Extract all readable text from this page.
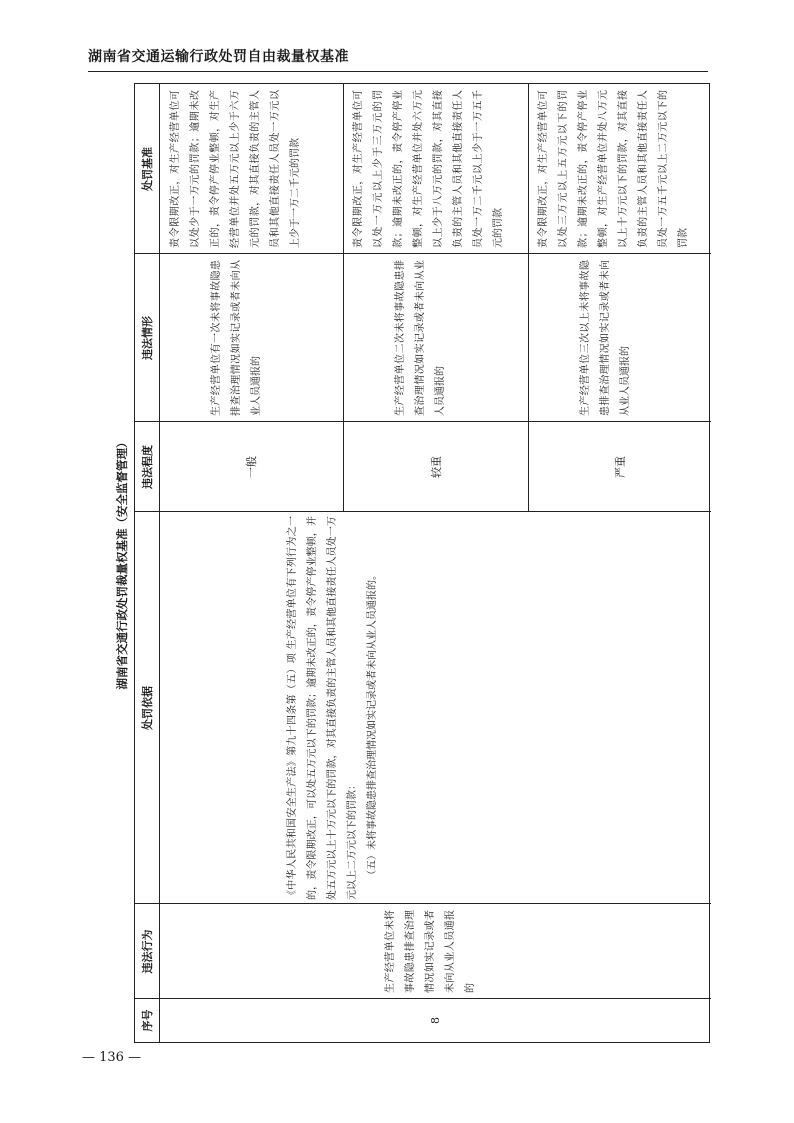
湖南省交通运输行政处罚自由裁量权基准
湖南省交通行政处罚裁量权基准（安全监督管理）
序号
违法行为
处罚依据
违法程度
违法情形
处罚基准
8

生产经营单位未将事故隐患排查治理情况如实记录或者未向从业人员通报的

《中华人民共和国安全生产法》第九十四条第（五）项 生产经营单位有下列行为之一的，责令限期改正，可以处五万元以下的罚款；逾期未改正的，责令停产停业整顿，并处五万元以上十万元以下的罚款，对其直接负责的主管人员和其他直接责任人员处一万元以上二万元以下的罚款： （五）未将事故隐患排查治理情况如实记录或者未向从业人员通报的。

一般

生产经营单位有一次未将事故隐患排查治理情况如实记录或者未向从业人员通报的

责令限期改正，对生产经营单位可以处少于一万元的罚款；逾期未改正的，责令停产停业整顿，对生产经营单位并处五万元以上少于六万元的罚款，对其直接负责的主管人员和其他直接责任人员处一万元以上少于一万二千元的罚款

较重

生产经营单位二次未将事故隐患排查治理情况如实记录或者未向从业人员通报的

责令限期改正，对生产经营单位可以处一万元以上少于三万元的罚款；逾期未改正的，责令停产停业整顿，对生产经营单位并处六万元以上少于八万元的罚款，对其直接负责的主管人员和其他直接责任人员处一万二千元以上少于一万五千元的罚款

严重

生产经营单位三次以上未将事故隐患排查治理情况如实记录或者未向从业人员通报的

责令限期改正，对生产经营单位可以处三万元以上五万元以下的罚款；逾期未改正的，责令停产停业整顿，对生产经营单位并处八万元以上十万元以下的罚款，对其直接负责的主管人员和其他直接责任人员处一万五千元以上二万元以下的罚款

— 136 —
